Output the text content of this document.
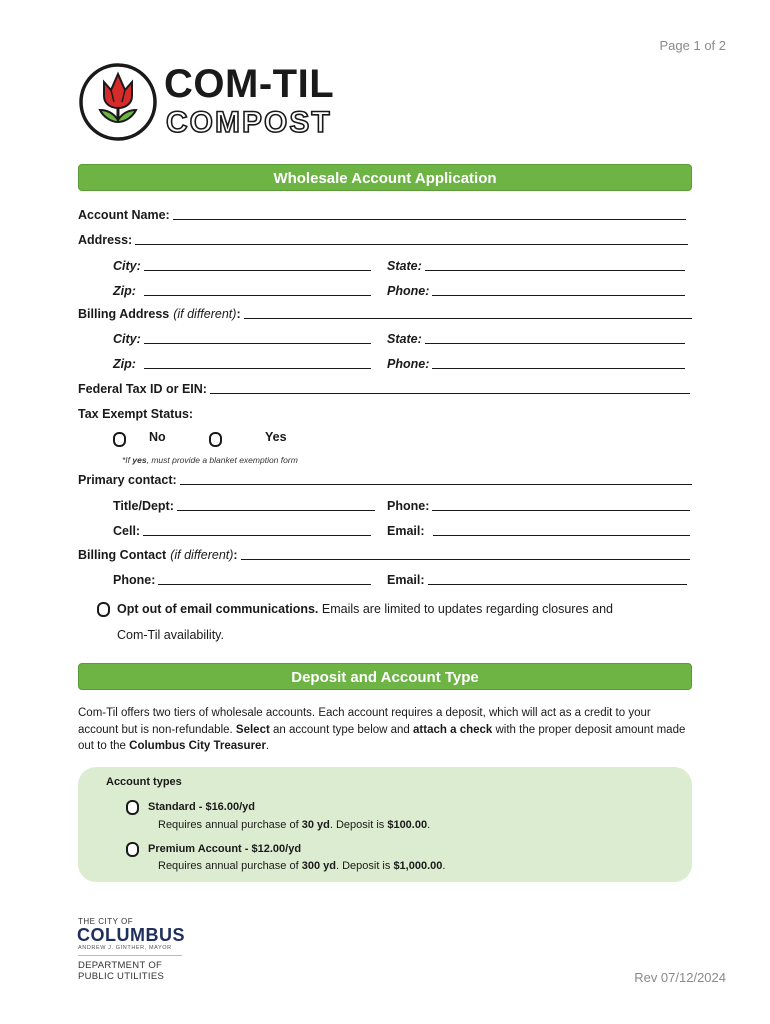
Page 1 of 2
COM-TIL
COMPOST
Wholesale Account Application
Account Name:
Address:
City:	State:
Zip:	Phone:
Billing Address (if different) :
City:	State:
Zip:	Phone:
Federal Tax ID or EIN:
Tax Exempt Status:
No	Yes
*If yes, must provide a blanket exemption form
Primary contact:
Title/Dept:	Phone:
Cell:	Email:
Billing Contact (if different) :
Phone:	Email:
Opt out of email communications. Emails are limited to updates regarding closures and
Com-Til availability.
Deposit and Account Type
Com-Til offers two tiers of wholesale accounts. Each account requires a deposit, which will act as a credit to your account but is non-refundable. Select an account type below and attach a check with the proper deposit amount made out to the Columbus City Treasurer.
Account types
Standard - $16.00/yd
Requires annual purchase of 30 yd. Deposit is $100.00.
Premium Account - $12.00/yd
Requires annual purchase of 300 yd. Deposit is $1,000.00.
THE CITY OF
COLUMBUS
ANDREW J. GINTHER, MAYOR
DEPARTMENT OF
PUBLIC UTILITIES	Rev 07/12/2024
